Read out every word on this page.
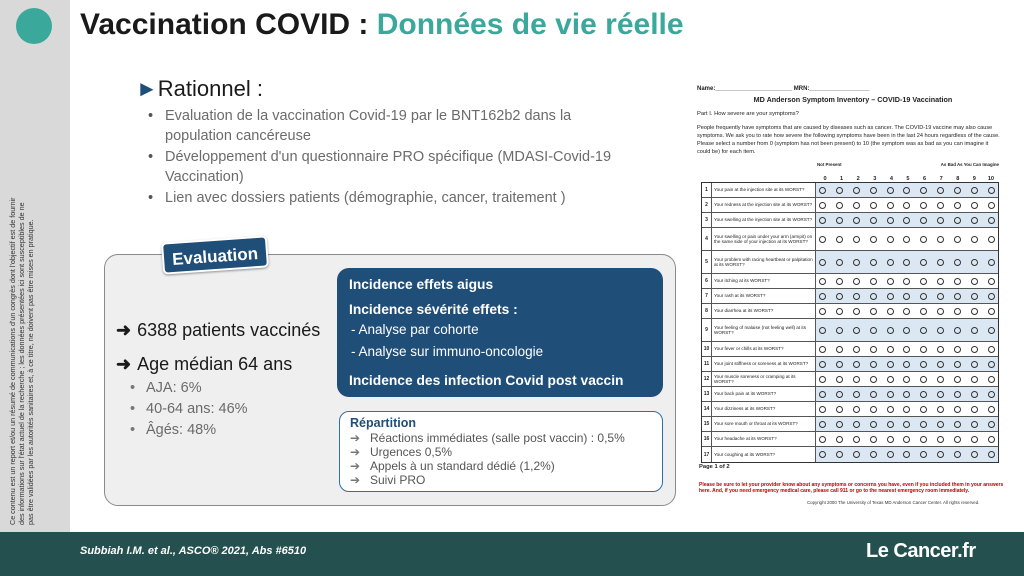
Ce contenu est un report et/ou un résumé de communications d'un congrès dont l'objectif est de fournir des informations sur l'état actuel de la recherche ; les données présentées ici sont susceptibles de ne pas être validées par les autorités sanitaires et, à ce titre, ne doivent pas être mises en pratique.
Vaccination COVID : Données de vie réelle
►Rationnel :
• Evaluation de la vaccination Covid-19 par le BNT162b2 dans la population cancéreuse
• Développement d'un questionnaire PRO spécifique (MDASI-Covid-19 Vaccination)
• Lien avec dossiers patients (démographie, cancer, traitement )
Evaluation
➜ 6388 patients vaccinés
➜ Age médian 64 ans
• AJA: 6%
• 40-64 ans: 46%
• Âgés: 48%
Incidence effets aigus
Incidence sévérité effets :
- Analyse par cohorte
- Analyse sur immuno-oncologie
Incidence des infection Covid post vaccin
Répartition
➔ Réactions immédiates (salle post vaccin) : 0,5%
➔ Urgences 0,5%
➔ Appels à un standard dédié (1,2%)
➔ Suivi PRO
Name:_______________________ MRN:__________________
MD Anderson Symptom Inventory – COVID-19 Vaccination
Part I. How severe are your symptoms?
People frequently have symptoms that are caused by diseases such as cancer. The COVID-19 vaccine may also cause symptoms. We ask you to rate how severe the following symptoms have been in the last 24 hours regardless of the cause. Please select a number from 0 (symptom has not been present) to 10 (the symptom was as bad as you can imagine it could be) for each item.
Not Present	As Bad As You Can Imagine
0	1	2	3	4	5	6	7	8	9	10
1	Your pain at the injection site at its WORST?
2	Your redness at the injection site at its WORST?
3	Your swelling at the injection site at its WORST?
4	Your swelling or pain under your arm (armpit) on the same side of your injection at its WORST?
5	Your problem with racing heartbeat or palpitation at its WORST?
6	Your itching at its WORST?
7	Your rash at its WORST?
8	Your diarrhea at its WORST?
9	Your feeling of malaise (not feeling well) at its WORST?
10	Your fever or chills at its WORST?
11	Your joint stiffness or soreness at its WORST?
12	Your muscle soreness or cramping at its WORST?
13	Your back pain at its WORST?
14	Your dizziness at its WORST?
15	Your sore mouth or throat at its WORST?
16	Your headache at its WORST?
17	Your coughing at its WORST?
Page 1 of 2
Please be sure to let your provider know about any symptoms or concerns you have, even if you included them in your answers here. And, if you need emergency medical care, please call 911 or go to the nearest emergency room immediately.
Copyright 2000 The University of Texas MD Anderson Cancer Center. All rights reserved.
Subbiah I.M. et al., ASCO® 2021, Abs #6510	Le Cancer.fr
